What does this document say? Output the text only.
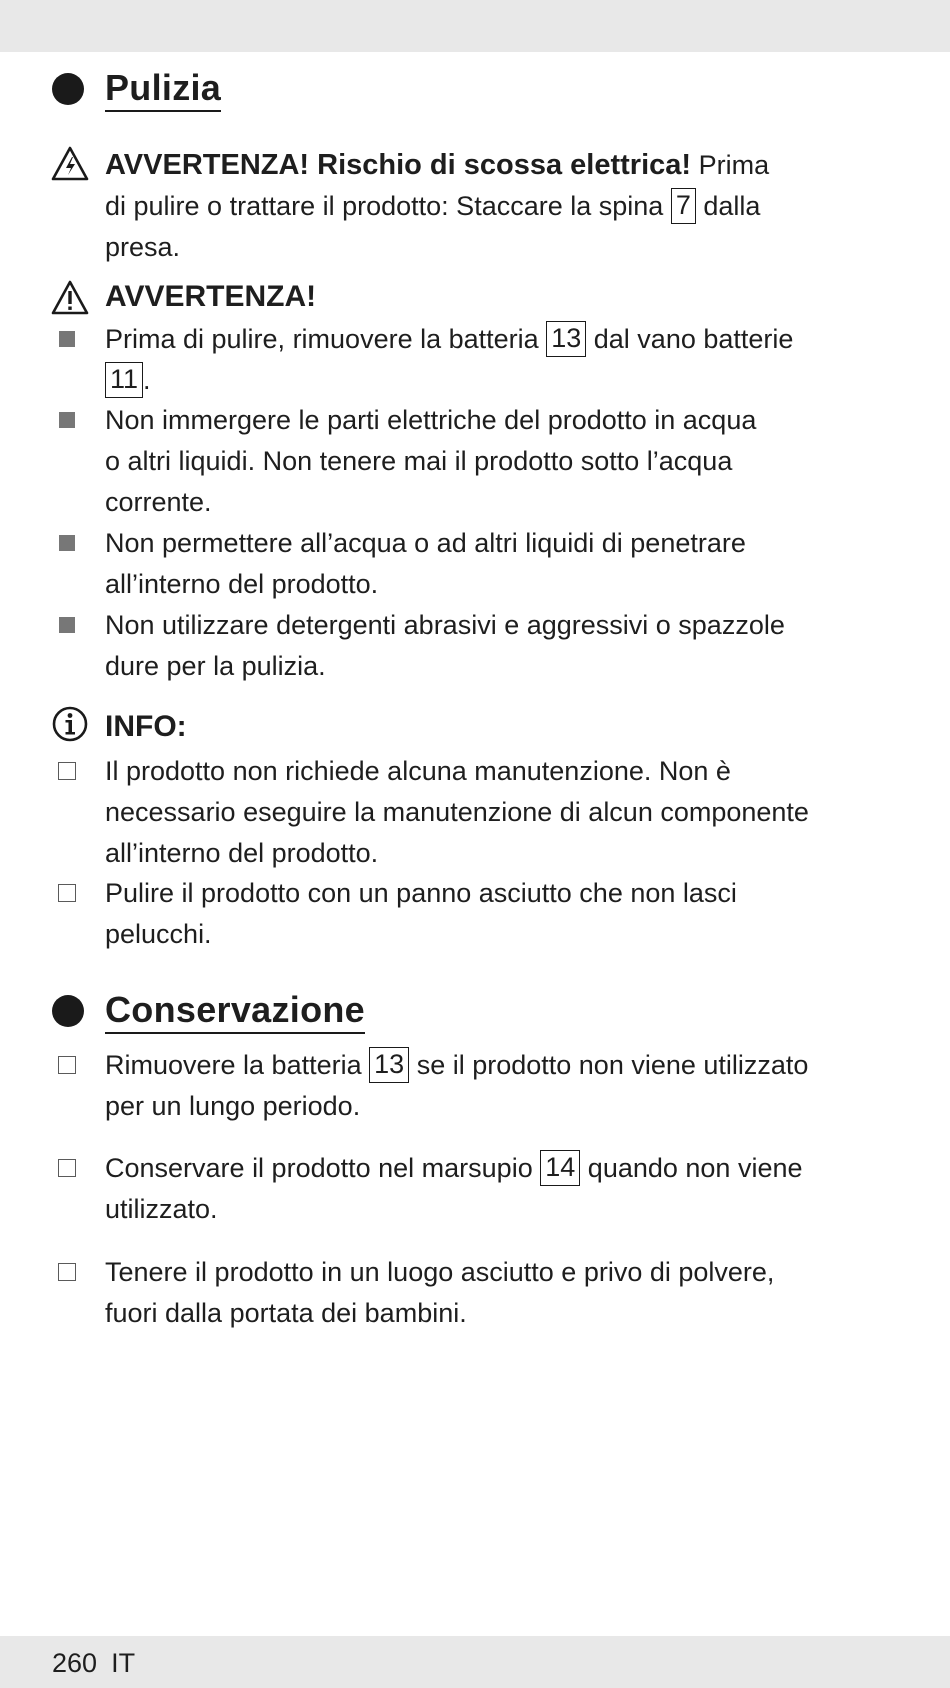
Pulizia
AVVERTENZA! Rischio di scossa elettrica! Prima
di pulire o trattare il prodotto: Staccare la spina 7 dalla
presa.
AVVERTENZA!
Prima di pulire, rimuovere la batteria 13 dal vano batterie
11 .
Non immergere le parti elettriche del prodotto in acqua
o altri liquidi. Non tenere mai il prodotto sotto l’acqua
corrente.
Non permettere all’acqua o ad altri liquidi di penetrare
all’interno del prodotto.
Non utilizzare detergenti abrasivi e aggressivi o spazzole
dure per la pulizia.
INFO:
Il prodotto non richiede alcuna manutenzione. Non è
necessario eseguire la manutenzione di alcun componente
all’interno del prodotto.
Pulire il prodotto con un panno asciutto che non lasci
pelucchi.
Conservazione
Rimuovere la batteria 13 se il prodotto non viene utilizzato
per un lungo periodo.
Conservare il prodotto nel marsupio 14 quando non viene
utilizzato.
Tenere il prodotto in un luogo asciutto e privo di polvere,
fuori dalla portata dei bambini.
260 IT
